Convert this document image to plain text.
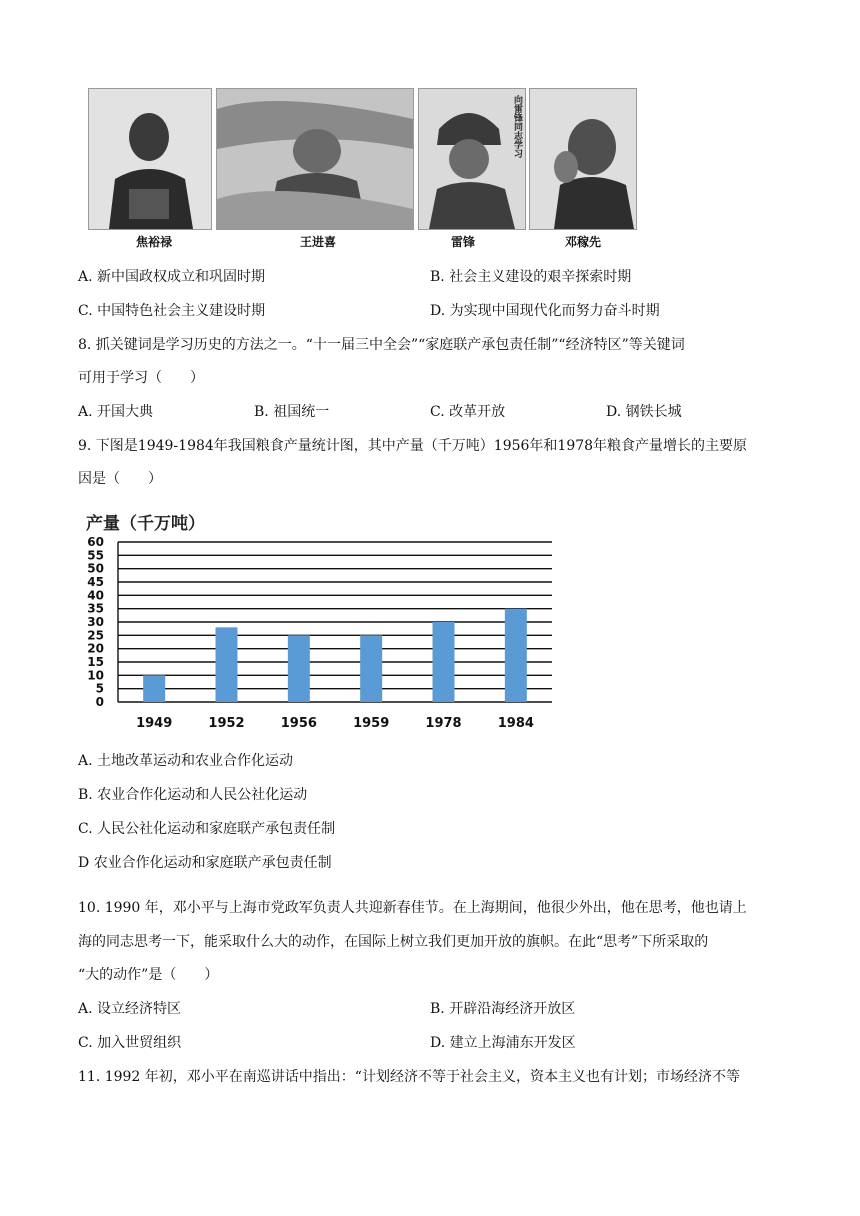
向雷锋同志学习
焦裕禄	王进喜	雷锋	邓稼先
A. 新中国政权成立和巩固时期	B. 社会主义建设的艰辛探索时期
C. 中国特色社会主义建设时期	D. 为实现中国现代化而努力奋斗时期
8. 抓关键词是学习历史的方法之一。“十一届三中全会”“家庭联产承包责任制”“经济特区”等关键词
可用于学习（　　）
A. 开国大典	B. 祖国统一	C. 改革开放	D. 钢铁长城
9. 下图是1949-1984年我国粮食产量统计图，其中产量（千万吨）1956年和1978年粮食产量增长的主要原
因是（　　）
产量（千万吨）
0
5
10
15
20
25
30
35
40
45
50
55
60
1949	1952	1956	1959	1978	1984
A. 土地改革运动和农业合作化运动
B. 农业合作化运动和人民公社化运动
C. 人民公社化运动和家庭联产承包责任制
D 农业合作化运动和家庭联产承包责任制
10. 1990 年，邓小平与上海市党政军负责人共迎新春佳节。在上海期间，他很少外出，他在思考，他也请上
海的同志思考一下，能采取什么大的动作，在国际上树立我们更加开放的旗帜。在此“思考”下所采取的
“大的动作”是（　　）
A. 设立经济特区	B. 开辟沿海经济开放区
C. 加入世贸组织	D. 建立上海浦东开发区
11. 1992 年初，邓小平在南巡讲话中指出：“计划经济不等于社会主义，资本主义也有计划；市场经济不等
